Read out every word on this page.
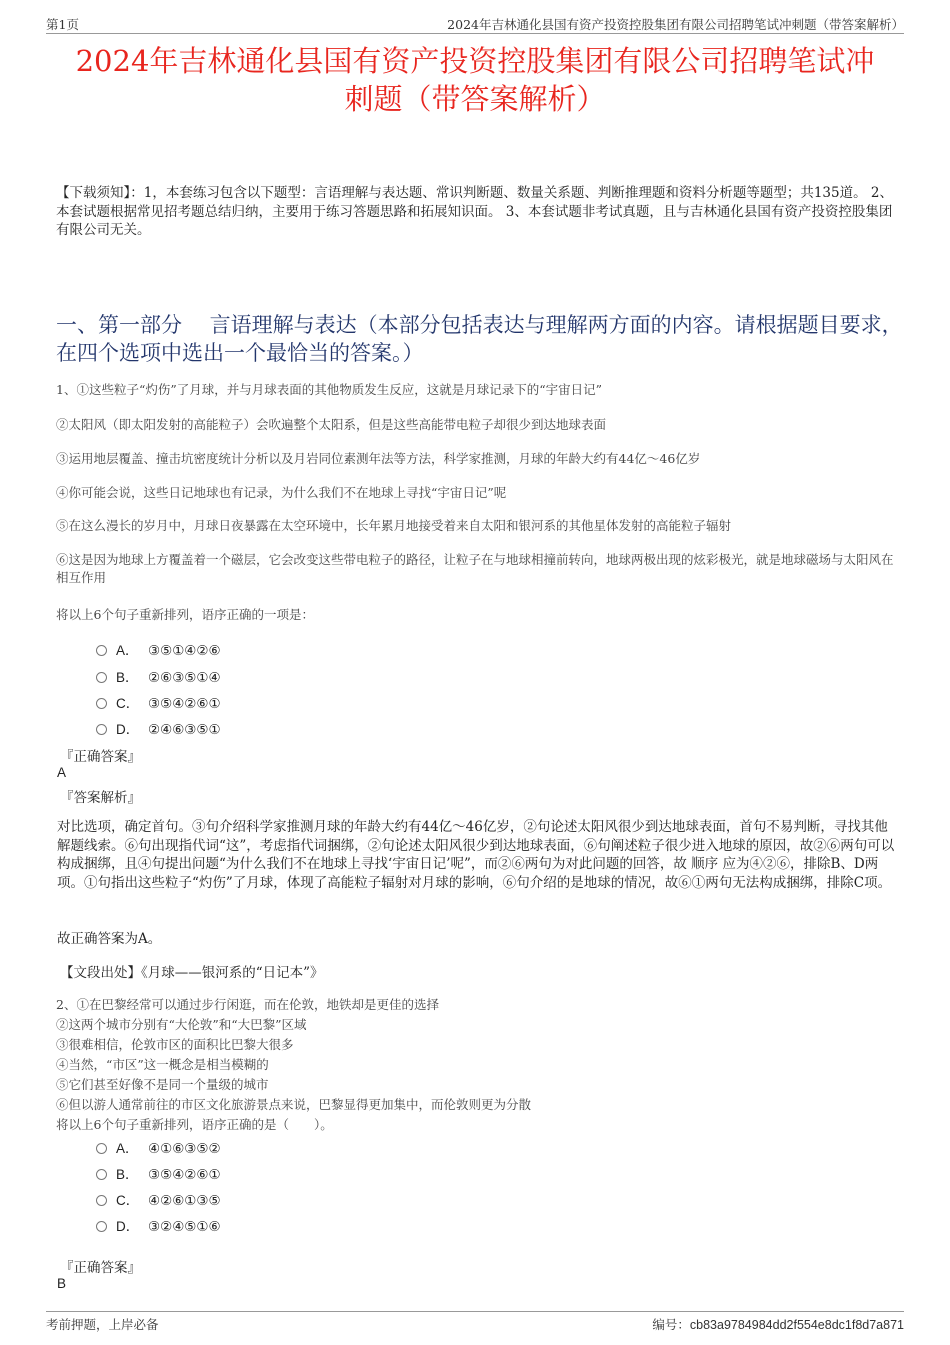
第1页	2024年吉林通化县国有资产投资控股集团有限公司招聘笔试冲刺题（带答案解析）
2024年吉林通化县国有资产投资控股集团有限公司招聘笔试冲
刺题（带答案解析）
【下载须知】：1，本套练习包含以下题型：言语理解与表达题、常识判断题、数量关系题、判断推理题和资料分析题等题型；共135道。 2、本套试题根据常见招考题总结归纳，主要用于练习答题思路和拓展知识面。 3、本套试题非考试真题，且与吉林通化县国有资产投资控股集团有限公司无关。
一、第一部分　 言语理解与表达（本部分包括表达与理解两方面的内容。请根据题目要求，在四个选项中选出一个最恰当的答案。）
1、①这些粒子“灼伤”了月球，并与月球表面的其他物质发生反应，这就是月球记录下的“宇宙日记”
②太阳风（即太阳发射的高能粒子）会吹遍整个太阳系，但是这些高能带电粒子却很少到达地球表面
③运用地层覆盖、撞击坑密度统计分析以及月岩同位素测年法等方法，科学家推测，月球的年龄大约有44亿～46亿岁
④你可能会说，这些日记地球也有记录，为什么我们不在地球上寻找“宇宙日记”呢
⑤在这么漫长的岁月中，月球日夜暴露在太空环境中，长年累月地接受着来自太阳和银河系的其他星体发射的高能粒子辐射
⑥这是因为地球上方覆盖着一个磁层，它会改变这些带电粒子的路径，让粒子在与地球相撞前转向，地球两极出现的炫彩极光，就是地球磁场与太阳风在相互作用
将以上6个句子重新排列，语序正确的一项是：
A． ③⑤①④②⑥
B． ②⑥③⑤①④
C． ③⑤④②⑥①
D． ②④⑥③⑤①
『正确答案』
A
『答案解析』
对比选项，确定首句。③句介绍科学家推测月球的年龄大约有44亿～46亿岁，②句论述太阳风很少到达地球表面，首句不易判断，寻找其他解题线索。⑥句出现指代词“这”，考虑指代词捆绑，②句论述太阳风很少到达地球表面，⑥句阐述粒子很少进入地球的原因，故②⑥两句可以构成捆绑，且④句提出问题“为什么我们不在地球上寻找‘宇宙日记’呢”，而②⑥两句为对此问题的回答，故 顺序 应为④②⑥，排除B、D两项。①句指出这些粒子“灼伤”了月球，体现了高能粒子辐射对月球的影响，⑥句介绍的是地球的情况，故⑥①两句无法构成捆绑，排除C项。
故正确答案为A。
【文段出处】《月球——银河系的“日记本”》
2、①在巴黎经常可以通过步行闲逛，而在伦敦，地铁却是更佳的选择
②这两个城市分别有“大伦敦”和“大巴黎”区域
③很难相信，伦敦市区的面积比巴黎大很多
④当然，“市区”这一概念是相当模糊的
⑤它们甚至好像不是同一个量级的城市
⑥但以游人通常前往的市区文化旅游景点来说，巴黎显得更加集中，而伦敦则更为分散
将以上6个句子重新排列，语序正确的是（　　）。
A． ④①⑥③⑤②
B． ③⑤④②⑥①
C． ④②⑥①③⑤
D． ③②④⑤①⑥
『正确答案』
B
考前押题，上岸必备	编号：cb83a9784984dd2f554e8dc1f8d7a871
